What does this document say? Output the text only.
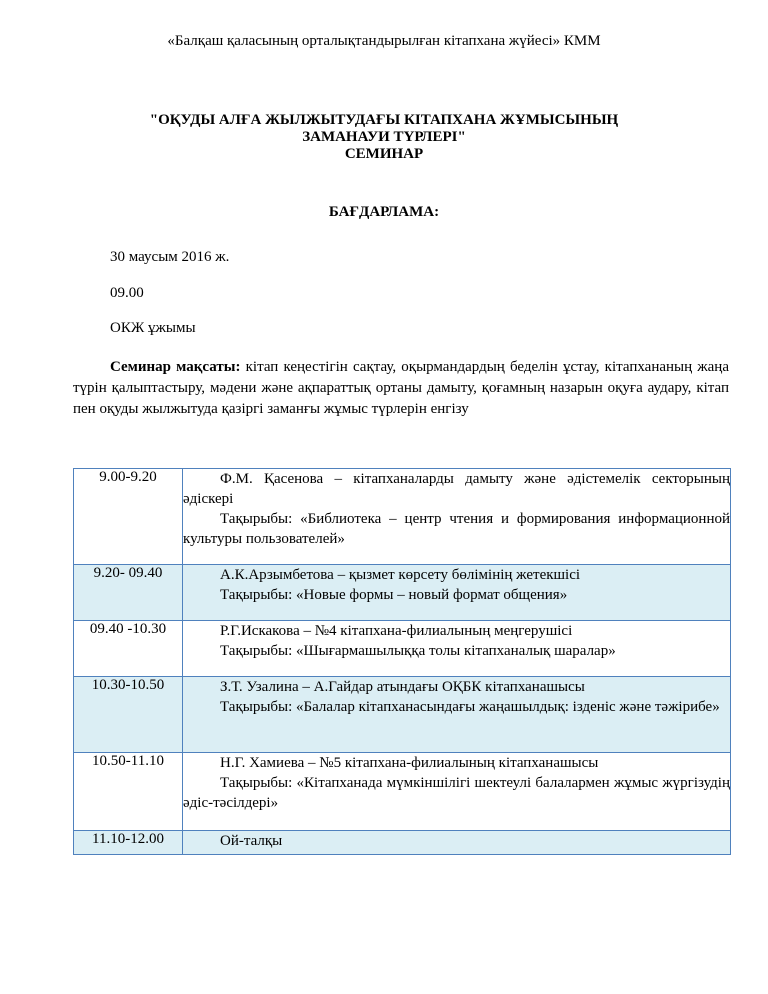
«Балқаш қаласының орталықтандырылған кітапхана жүйесі» КММ
"ОҚУДЫ АЛҒА ЖЫЛЖЫТУДАҒЫ КІТАПХАНА ЖҰМЫСЫНЫҢ
ЗАМАНАУИ ТҮРЛЕРІ"
СЕМИНАР
БАҒДАРЛАМА:
30 маусым 2016 ж.
09.00
ОКЖ ұжымы
Семинар мақсаты: кітап кеңестігін сақтау, оқырмандардың беделін ұстау, кітапхананың жаңа түрін қалыптастыру, мәдени және ақпараттық ортаны дамыту, қоғамның назарын оқуға аудару, кітап пен оқуды жылжытуда қазіргі заманғы жұмыс түрлерін енгізу
9.00-9.20	Ф.М. Қасенова – кітапханаларды дамыту және әдістемелік секторының әдіскері

Тақырыбы: «Библиотека – центр чтения и формирования информационной культуры пользователей»

9.20- 09.40	А.К.Арзымбетова – қызмет көрсету бөлімінің жетекшісі

Тақырыбы: «Новые формы – новый формат общения»

09.40 -10.30	Р.Г.Искакова – №4 кітапхана-филиалының меңгерушісі

Тақырыбы: «Шығармашылыққа толы кітапханалық шаралар»

10.30-10.50	З.Т. Узалина – А.Гайдар атындағы ОҚБК кітапханашысы

Тақырыбы: «Балалар кітапханасындағы жаңашылдық: ізденіс және тәжірибе»

10.50-11.10	Н.Г. Хамиева – №5 кітапхана-филиалының кітапханашысы

Тақырыбы: «Кітапханада мүмкіншілігі шектеулі балалармен жұмыс жүргізудің әдіс-тәсілдері»

11.10-12.00	Ой-талқы
